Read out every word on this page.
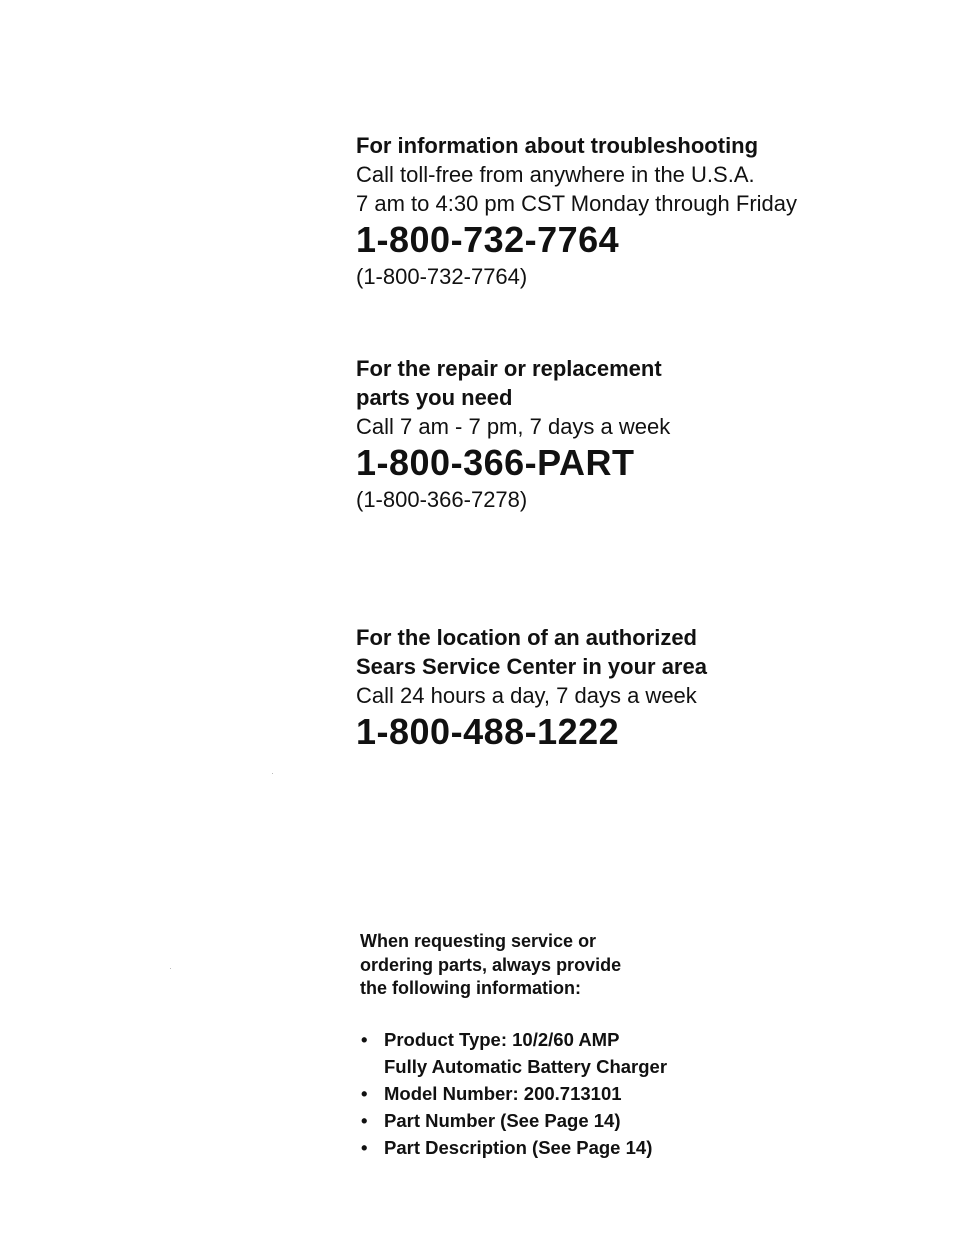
For information about troubleshooting
Call toll-free from anywhere in the U.S.A.
7 am to 4:30 pm CST Monday through Friday
1-800-732-7764
(1-800-732-7764)
For the repair or replacement
parts you need
Call 7 am - 7 pm, 7 days a week
1-800-366-PART
(1-800-366-7278)
For the location of an authorized
Sears Service Center in your area
Call 24 hours a day, 7 days a week
1-800-488-1222
When requesting service or
ordering parts, always provide
the following information:
• Product Type: 10/2/60 AMP
Fully Automatic Battery Charger
• Model Number: 200.713101
• Part Number (See Page 14)
• Part Description (See Page 14)
